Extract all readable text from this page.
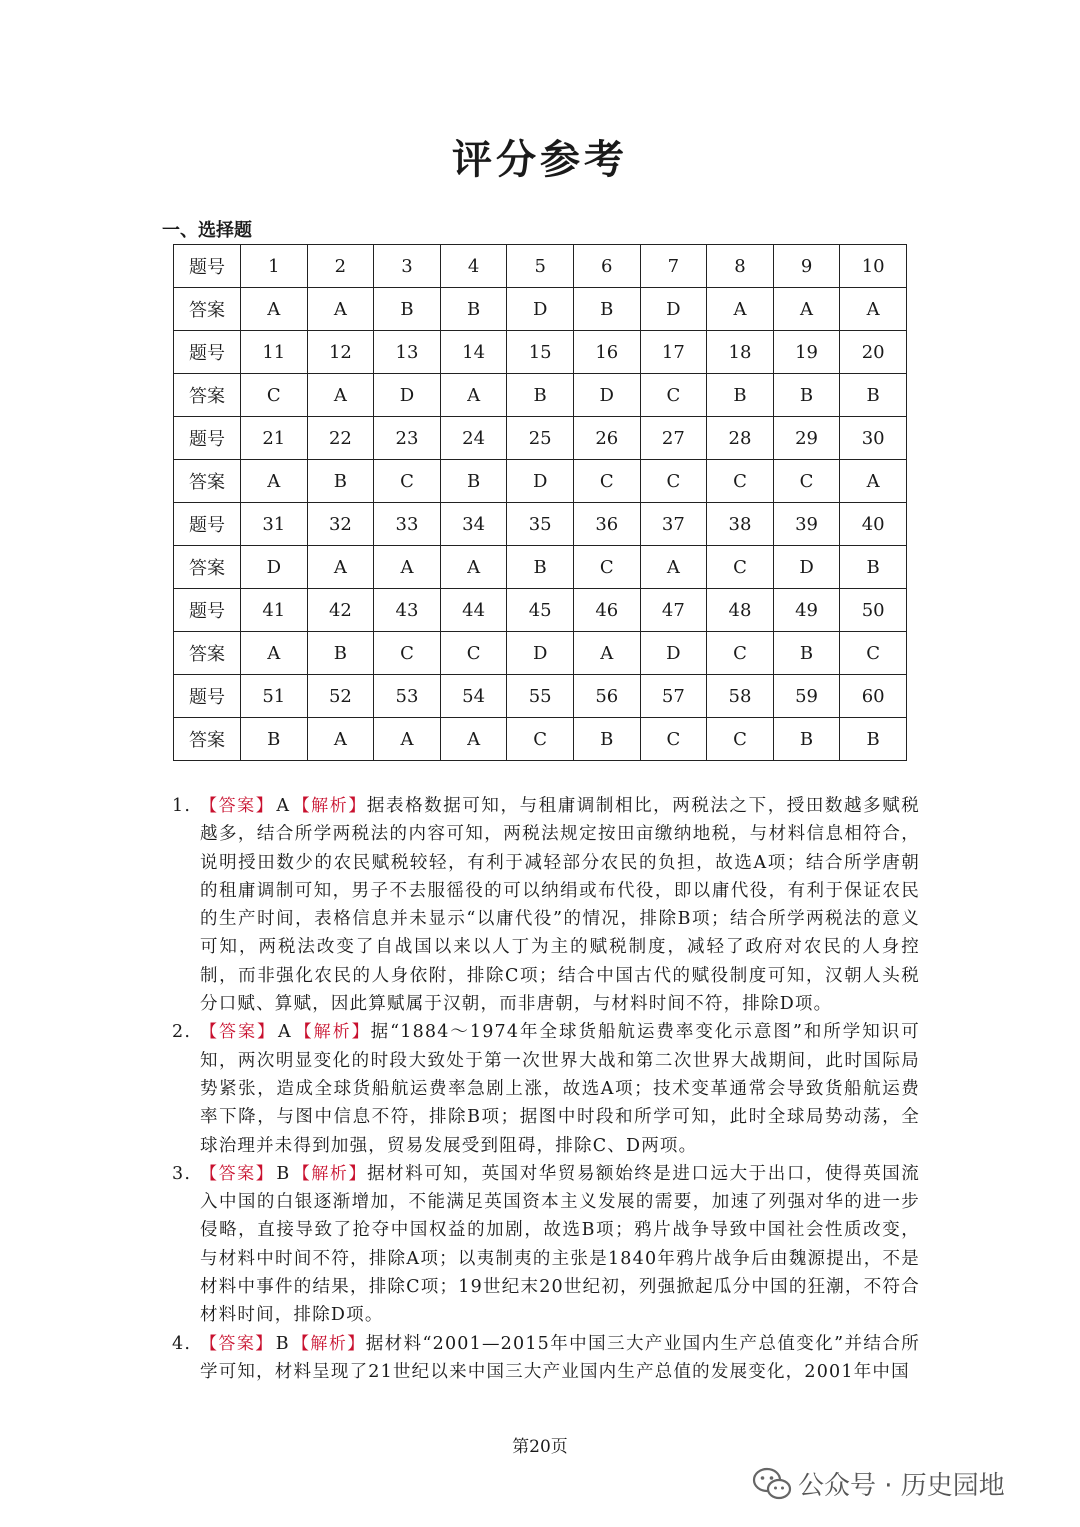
评分参考
一、选择题
题号	1	2	3	4	5	6	7	8	9	10
答案	A	A	B	B	D	B	D	A	A	A
题号	11	12	13	14	15	16	17	18	19	20
答案	C	A	D	A	B	D	C	B	B	B
题号	21	22	23	24	25	26	27	28	29	30
答案	A	B	C	B	D	C	C	C	C	A
题号	31	32	33	34	35	36	37	38	39	40
答案	D	A	A	A	B	C	A	C	D	B
题号	41	42	43	44	45	46	47	48	49	50
答案	A	B	C	C	D	A	D	C	B	C
题号	51	52	53	54	55	56	57	58	59	60
答案	B	A	A	A	C	B	C	C	B	B
1. 【答案】 A 【解析】据表格数据可知，与租庸调制相比，两税法之下，授田数越多赋税越多，结合所学两税法的内容可知，两税法规定按田亩缴纳地税，与材料信息相符合，说明授田数少的农民赋税较轻，有利于减轻部分农民的负担，故选A项；结合所学唐朝的租庸调制可知，男子不去服徭役的可以纳绢或布代役，即以庸代役，有利于保证农民的生产时间，表格信息并未显示“以庸代役”的情况，排除B项；结合所学两税法的意义可知，两税法改变了自战国以来以人丁为主的赋税制度，减轻了政府对农民的人身控制，而非强化农民的人身依附，排除C项；结合中国古代的赋役制度可知，汉朝人头税分口赋、算赋，因此算赋属于汉朝，而非唐朝，与材料时间不符，排除D项。
2. 【答案】 A 【解析】据“1884～1974年全球货船航运费率变化示意图”和所学知识可知，两次明显变化的时段大致处于第一次世界大战和第二次世界大战期间，此时国际局势紧张，造成全球货船航运费率急剧上涨，故选A项；技术变革通常会导致货船航运费率下降，与图中信息不符，排除B项；据图中时段和所学可知，此时全球局势动荡，全球治理并未得到加强，贸易发展受到阻碍，排除C、D两项。
3. 【答案】 B 【解析】据材料可知，英国对华贸易额始终是进口远大于出口，使得英国流入中国的白银逐渐增加，不能满足英国资本主义发展的需要，加速了列强对华的进一步侵略，直接导致了抢夺中国权益的加剧，故选B项；鸦片战争导致中国社会性质改变，与材料中时间不符，排除A项；以夷制夷的主张是1840年鸦片战争后由魏源提出，不是材料中事件的结果，排除C项；19世纪末20世纪初，列强掀起瓜分中国的狂潮，不符合材料时间，排除D项。
4. 【答案】 B 【解析】据材料“2001—2015年中国三大产业国内生产总值变化”并结合所学可知，材料呈现了21世纪以来中国三大产业国内生产总值的发展变化，2001年中国
第20页
公众号 · 历史园地
